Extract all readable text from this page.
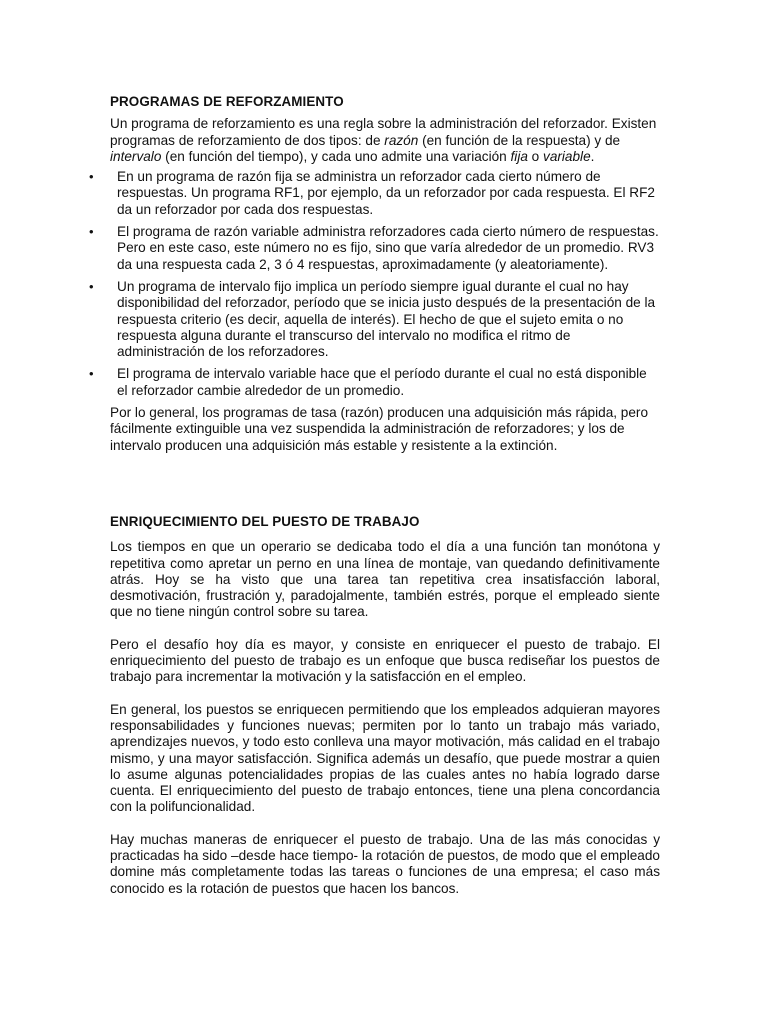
PROGRAMAS DE REFORZAMIENTO

Un programa de reforzamiento es una regla sobre la administración del reforzador. Existen programas de reforzamiento de dos tipos: de razón (en función de la respuesta) y de intervalo (en función del tiempo), y cada uno admite una variación fija o variable.

• En un programa de razón fija se administra un reforzador cada cierto número de respuestas. Un programa RF1, por ejemplo, da un reforzador por cada respuesta. El RF2 da un reforzador por cada dos respuestas.
• El programa de razón variable administra reforzadores cada cierto número de respuestas. Pero en este caso, este número no es fijo, sino que varía alrededor de un promedio. RV3 da una respuesta cada 2, 3 ó 4 respuestas, aproximadamente (y aleatoriamente).
• Un programa de intervalo fijo implica un período siempre igual durante el cual no hay disponibilidad del reforzador, período que se inicia justo después de la presentación de la respuesta criterio (es decir, aquella de interés). El hecho de que el sujeto emita o no respuesta alguna durante el transcurso del intervalo no modifica el ritmo de administración de los reforzadores.
• El programa de intervalo variable hace que el período durante el cual no está disponible el reforzador cambie alrededor de un promedio.

Por lo general, los programas de tasa (razón) producen una adquisición más rápida, pero fácilmente extinguible una vez suspendida la administración de reforzadores; y los de intervalo producen una adquisición más estable y resistente a la extinción.

ENRIQUECIMIENTO DEL PUESTO DE TRABAJO

Los tiempos en que un operario se dedicaba todo el día a una función tan monótona y repetitiva como apretar un perno en una línea de montaje, van quedando definitivamente atrás. Hoy se ha visto que una tarea tan repetitiva crea insatisfacción laboral, desmotivación, frustración y, paradojalmente, también estrés, porque el empleado siente que no tiene ningún control sobre su tarea.

Pero el desafío hoy día es mayor, y consiste en enriquecer el puesto de trabajo. El enriquecimiento del puesto de trabajo es un enfoque que busca rediseñar los puestos de trabajo para incrementar la motivación y la satisfacción en el empleo.

En general, los puestos se enriquecen permitiendo que los empleados adquieran mayores responsabilidades y funciones nuevas; permiten por lo tanto un trabajo más variado, aprendizajes nuevos, y todo esto conlleva una mayor motivación, más calidad en el trabajo mismo, y una mayor satisfacción. Significa además un desafío, que puede mostrar a quien lo asume algunas potencialidades propias de las cuales antes no había logrado darse cuenta. El enriquecimiento del puesto de trabajo entonces, tiene una plena concordancia con la polifuncionalidad.

Hay muchas maneras de enriquecer el puesto de trabajo. Una de las más conocidas y practicadas ha sido –desde hace tiempo- la rotación de puestos, de modo que el empleado domine más completamente todas las tareas o funciones de una empresa; el caso más conocido es la rotación de puestos que hacen los bancos.
